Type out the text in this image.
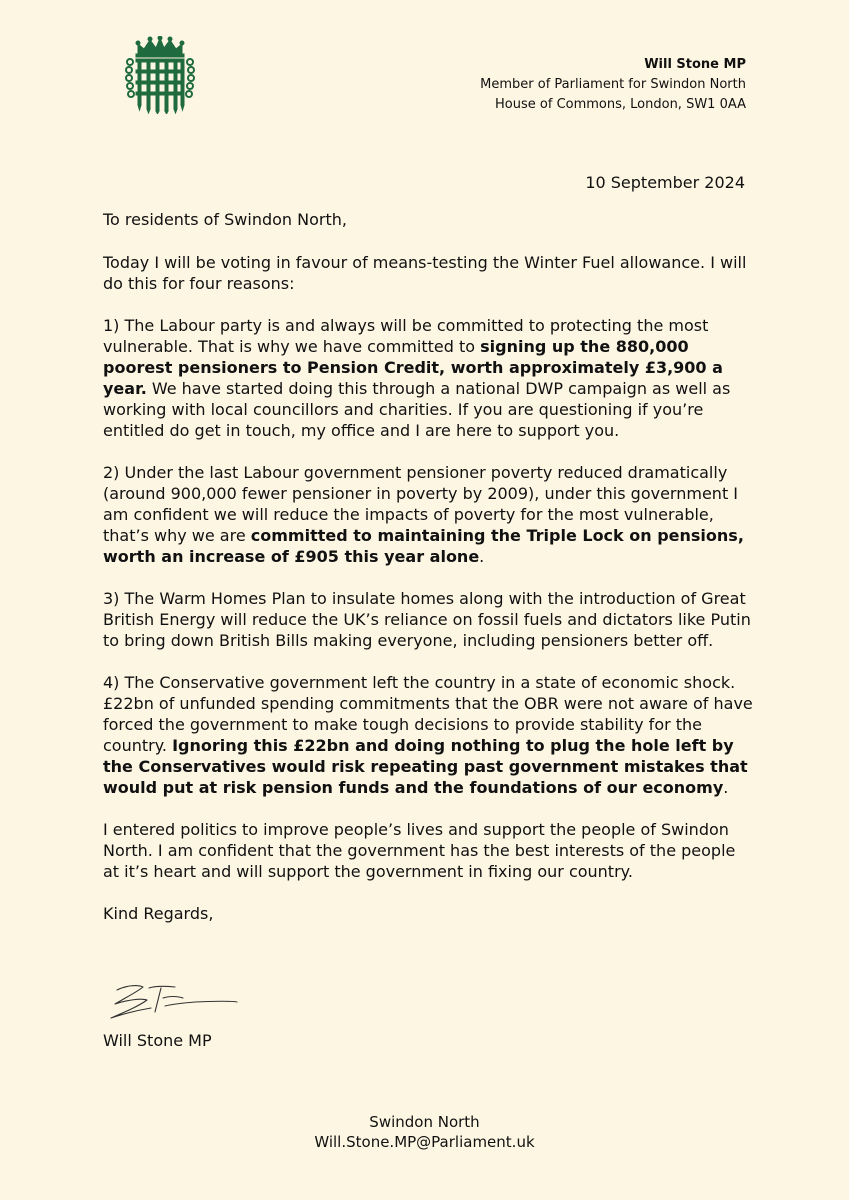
Will Stone MP
Member of Parliament for Swindon North
House of Commons, London, SW1 0AA
10 September 2024

To residents of Swindon North,

Today I will be voting in favour of means-testing the Winter Fuel allowance. I will do this for four reasons:

1) The Labour party is and always will be committed to protecting the most vulnerable. That is why we have committed to signing up the 880,000 poorest pensioners to Pension Credit, worth approximately £3,900 a year. We have started doing this through a national DWP campaign as well as working with local councillors and charities. If you are questioning if you’re entitled do get in touch, my office and I are here to support you.

2) Under the last Labour government pensioner poverty reduced dramatically (around 900,000 fewer pensioner in poverty by 2009), under this government I am confident we will reduce the impacts of poverty for the most vulnerable, that’s why we are committed to maintaining the Triple Lock on pensions, worth an increase of £905 this year alone.

3) The Warm Homes Plan to insulate homes along with the introduction of Great British Energy will reduce the UK’s reliance on fossil fuels and dictators like Putin to bring down British Bills making everyone, including pensioners better off.

4) The Conservative government left the country in a state of economic shock. £22bn of unfunded spending commitments that the OBR were not aware of have forced the government to make tough decisions to provide stability for the country. Ignoring this £22bn and doing nothing to plug the hole left by the Conservatives would risk repeating past government mistakes that would put at risk pension funds and the foundations of our economy.

I entered politics to improve people’s lives and support the people of Swindon North. I am confident that the government has the best interests of the people at it’s heart and will support the government in fixing our country.

Kind Regards,

Will Stone MP
Swindon North
Will.Stone.MP@Parliament.uk
